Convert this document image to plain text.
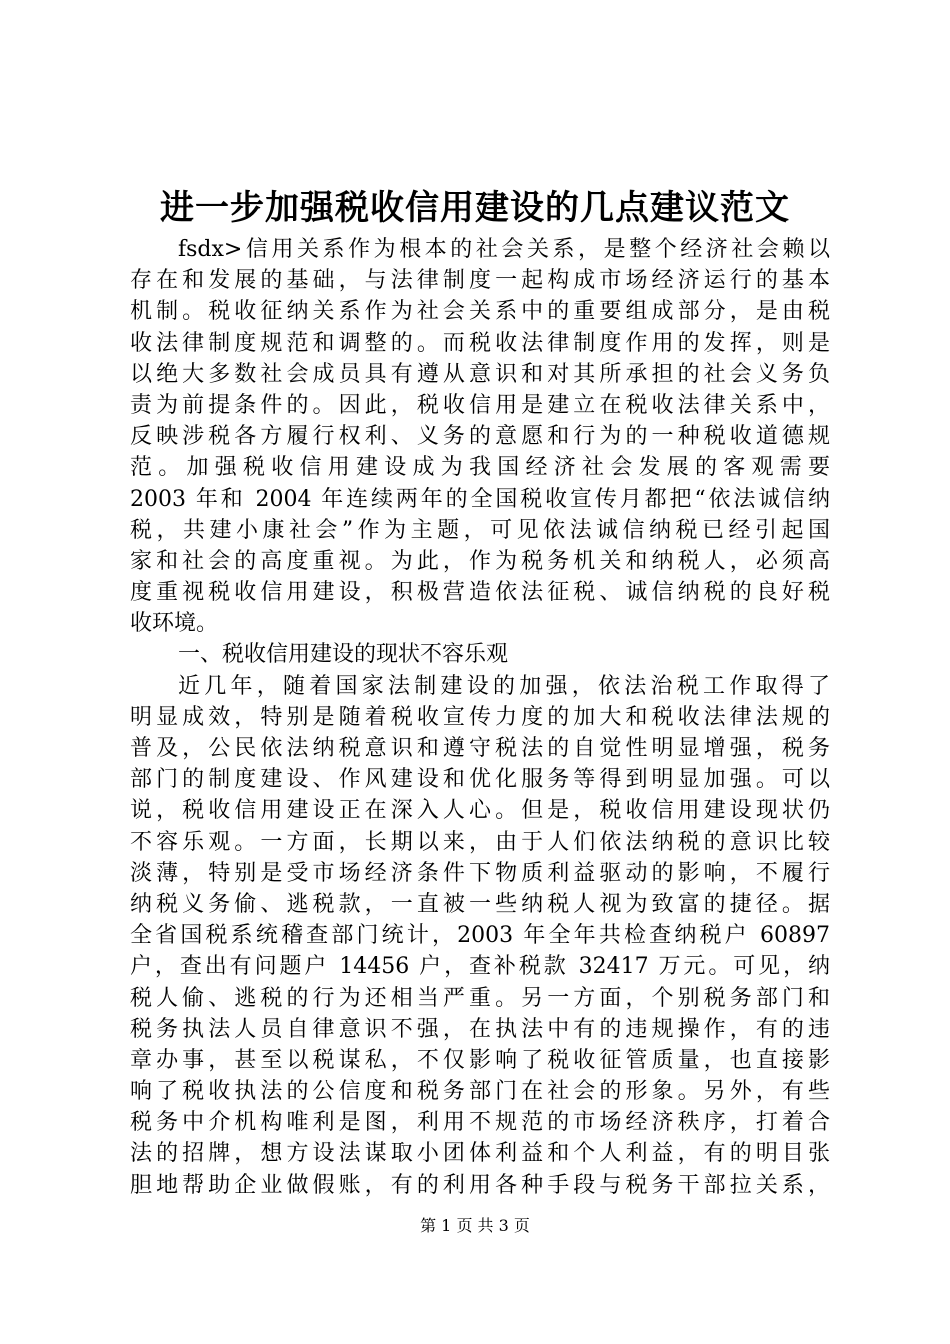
进一步加强税收信用建设的几点建议范文
fsdx>信用关系作为根本的社会关系，是整个经济社会赖以
存在和发展的基础，与法律制度一起构成市场经济运行的基本
机制。税收征纳关系作为社会关系中的重要组成部分，是由税
收法律制度规范和调整的。而税收法律制度作用的发挥，则是
以绝大多数社会成员具有遵从意识和对其所承担的社会义务负
责为前提条件的。因此，税收信用是建立在税收法律关系中，
反映涉税各方履行权利、义务的意愿和行为的一种税收道德规
范。加强税收信用建设成为我国经济社会发展的客观需要
2003 年和 2004 年连续两年的全国税收宣传月都把“依法诚信纳
税，共建小康社会”作为主题，可见依法诚信纳税已经引起国
家和社会的高度重视。为此，作为税务机关和纳税人，必须高
度重视税收信用建设，积极营造依法征税、诚信纳税的良好税
收环境。
一、税收信用建设的现状不容乐观
近几年，随着国家法制建设的加强，依法治税工作取得了
明显成效，特别是随着税收宣传力度的加大和税收法律法规的
普及，公民依法纳税意识和遵守税法的自觉性明显增强，税务
部门的制度建设、作风建设和优化服务等得到明显加强。可以
说，税收信用建设正在深入人心。但是，税收信用建设现状仍
不容乐观。一方面，长期以来，由于人们依法纳税的意识比较
淡薄，特别是受市场经济条件下物质利益驱动的影响，不履行
纳税义务偷、逃税款，一直被一些纳税人视为致富的捷径。据
全省国税系统稽查部门统计，2003 年全年共检查纳税户 60897
户，查出有问题户 14456 户，查补税款 32417 万元。可见，纳
税人偷、逃税的行为还相当严重。另一方面，个别税务部门和
税务执法人员自律意识不强，在执法中有的违规操作，有的违
章办事，甚至以税谋私，不仅影响了税收征管质量，也直接影
响了税收执法的公信度和税务部门在社会的形象。另外，有些
税务中介机构唯利是图，利用不规范的市场经济秩序，打着合
法的招牌，想方设法谋取小团体利益和个人利益，有的明目张
胆地帮助企业做假账，有的利用各种手段与税务干部拉关系，
第 1 页 共 3 页
